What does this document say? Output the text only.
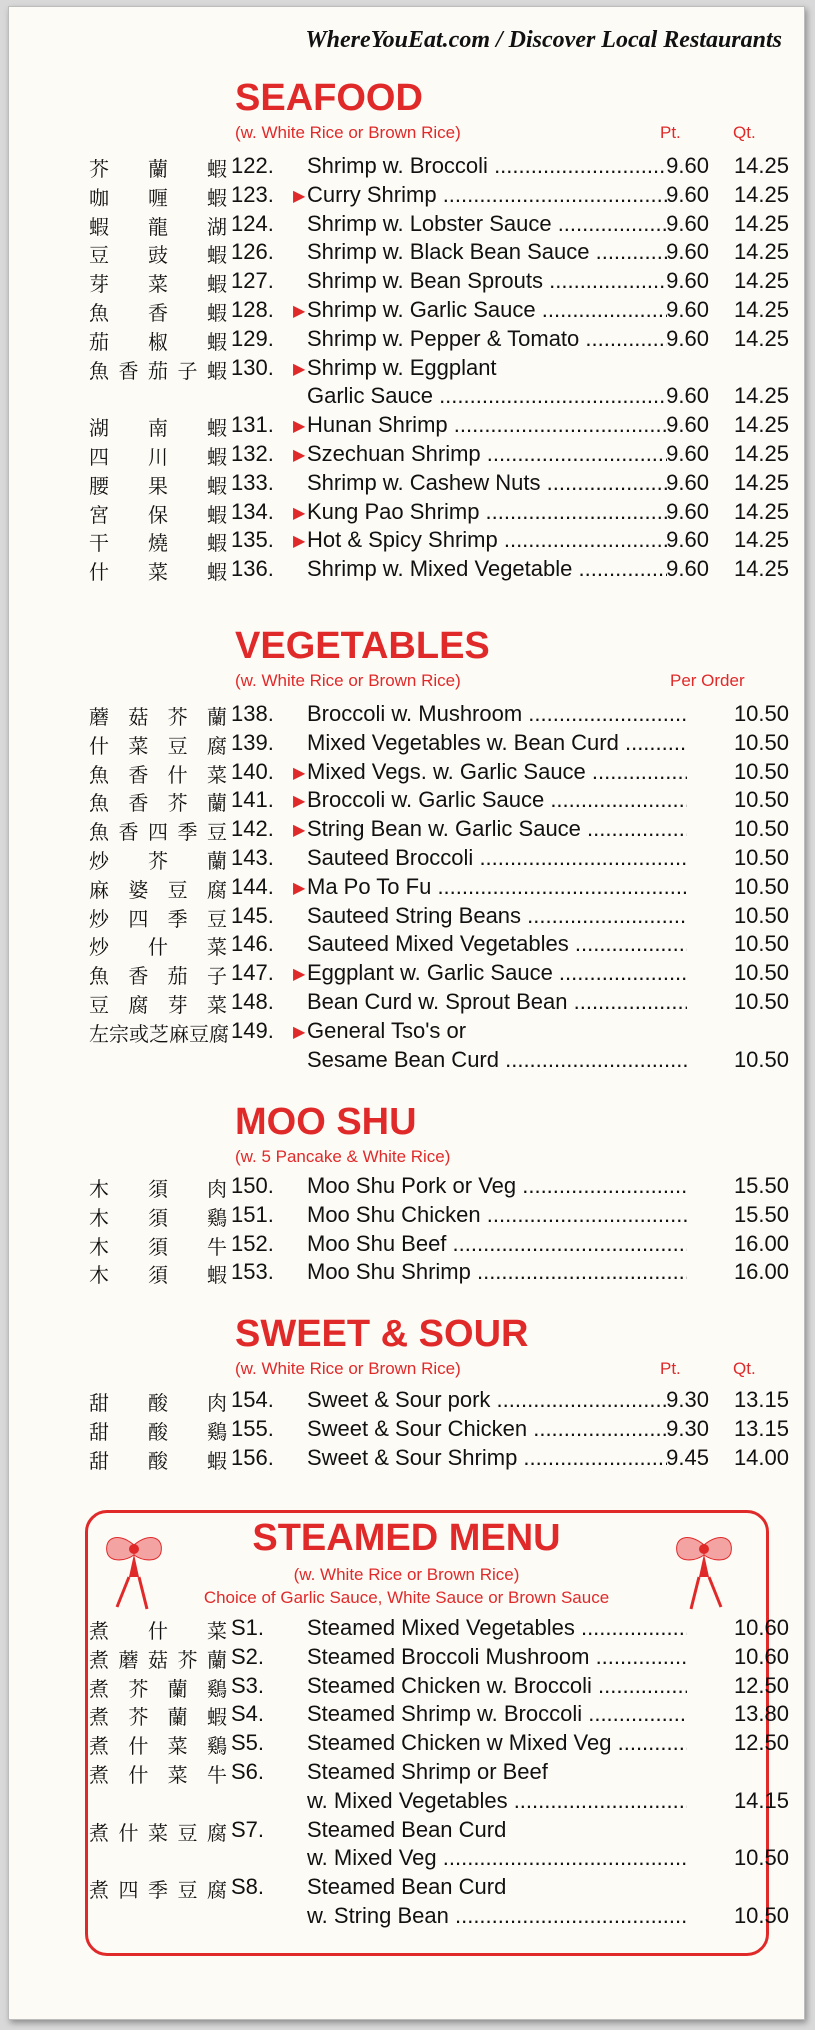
WhereYouEat.com / Discover Local Restaurants
SEAFOOD
(w. White Rice or Brown Rice)	Pt.	Qt.
芥 蘭 蝦 122.	Shrimp w. Broccoli .....	9.60	14.25
咖 喱 蝦 123.	▶ Curry Shrimp .....	9.60	14.25
蝦 龍 湖 124.	Shrimp w. Lobster Sauce .....	9.60	14.25
豆 豉 蝦 126.	Shrimp w. Black Bean Sauce .....	9.60	14.25
芽 菜 蝦 127.	Shrimp w. Bean Sprouts .....	9.60	14.25
魚 香 蝦 128.	▶ Shrimp w. Garlic Sauce .....	9.60	14.25
茄 椒 蝦 129.	Shrimp w. Pepper & Tomato .....	9.60	14.25
魚香茄子蝦 130.	▶ Shrimp w. Eggplant
Garlic Sauce .....	9.60	14.25
湖 南 蝦 131.	▶ Hunan Shrimp .....	9.60	14.25
四 川 蝦 132.	▶ Szechuan Shrimp .....	9.60	14.25
腰 果 蝦 133.	Shrimp w. Cashew Nuts .....	9.60	14.25
宮 保 蝦 134.	▶ Kung Pao Shrimp .....	9.60	14.25
干 燒 蝦 135.	▶ Hot & Spicy Shrimp .....	9.60	14.25
什 菜 蝦 136.	Shrimp w. Mixed Vegetable .....	9.60	14.25
VEGETABLES
(w. White Rice or Brown Rice)	Per Order
蘑菇芥蘭 138.	Broccoli w. Mushroom .....	10.50
什菜豆腐 139.	Mixed Vegetables w. Bean Curd .....	10.50
魚香什菜 140.	▶ Mixed Vegs. w. Garlic Sauce .....	10.50
魚香芥蘭 141.	▶ Broccoli w. Garlic Sauce .....	10.50
魚香四季豆 142.	▶ String Bean w. Garlic Sauce .....	10.50
炒 芥 蘭 143.	Sauteed Broccoli .....	10.50
麻婆豆腐 144.	▶ Ma Po To Fu .....	10.50
炒四季豆 145.	Sauteed String Beans .....	10.50
炒 什 菜 146.	Sauteed Mixed Vegetables .....	10.50
魚香茄子 147.	▶ Eggplant w. Garlic Sauce .....	10.50
豆腐芽菜 148.	Bean Curd w. Sprout Bean .....	10.50
左宗或芝麻豆腐 149.	▶ General Tso's or
Sesame Bean Curd .....	10.50
MOO SHU
(w. 5 Pancake & White Rice)
木 須 肉 150.	Moo Shu Pork or Veg .....	15.50
木 須 鷄 151.	Moo Shu Chicken .....	15.50
木 須 牛 152.	Moo Shu Beef .....	16.00
木 須 蝦 153.	Moo Shu Shrimp .....	16.00
SWEET & SOUR
(w. White Rice or Brown Rice)	Pt.	Qt.
甜 酸 肉 154.	Sweet & Sour pork .....	9.30	13.15
甜 酸 鷄 155.	Sweet & Sour Chicken .....	9.30	13.15
甜 酸 蝦 156.	Sweet & Sour Shrimp .....	9.45	14.00
STEAMED MENU
(w. White Rice or Brown Rice)
Choice of Garlic Sauce, White Sauce or Brown Sauce
煮 什 菜 S1.	Steamed Mixed Vegetables .....	10.60
煮蘑菇芥蘭 S2.	Steamed Broccoli Mushroom .....	10.60
煮芥蘭鷄 S3.	Steamed Chicken w. Broccoli .....	12.50
煮芥蘭蝦 S4.	Steamed Shrimp w. Broccoli .....	13.80
煮什菜鷄 S5.	Steamed Chicken w Mixed Veg .....	12.50
煮什菜牛 S6.	Steamed Shrimp or Beef
w. Mixed Vegetables .....	14.15
煮什菜豆腐 S7.	Steamed Bean Curd
w. Mixed Veg .....	10.50
煮四季豆腐 S8.	Steamed Bean Curd
w. String Bean .....	10.50
